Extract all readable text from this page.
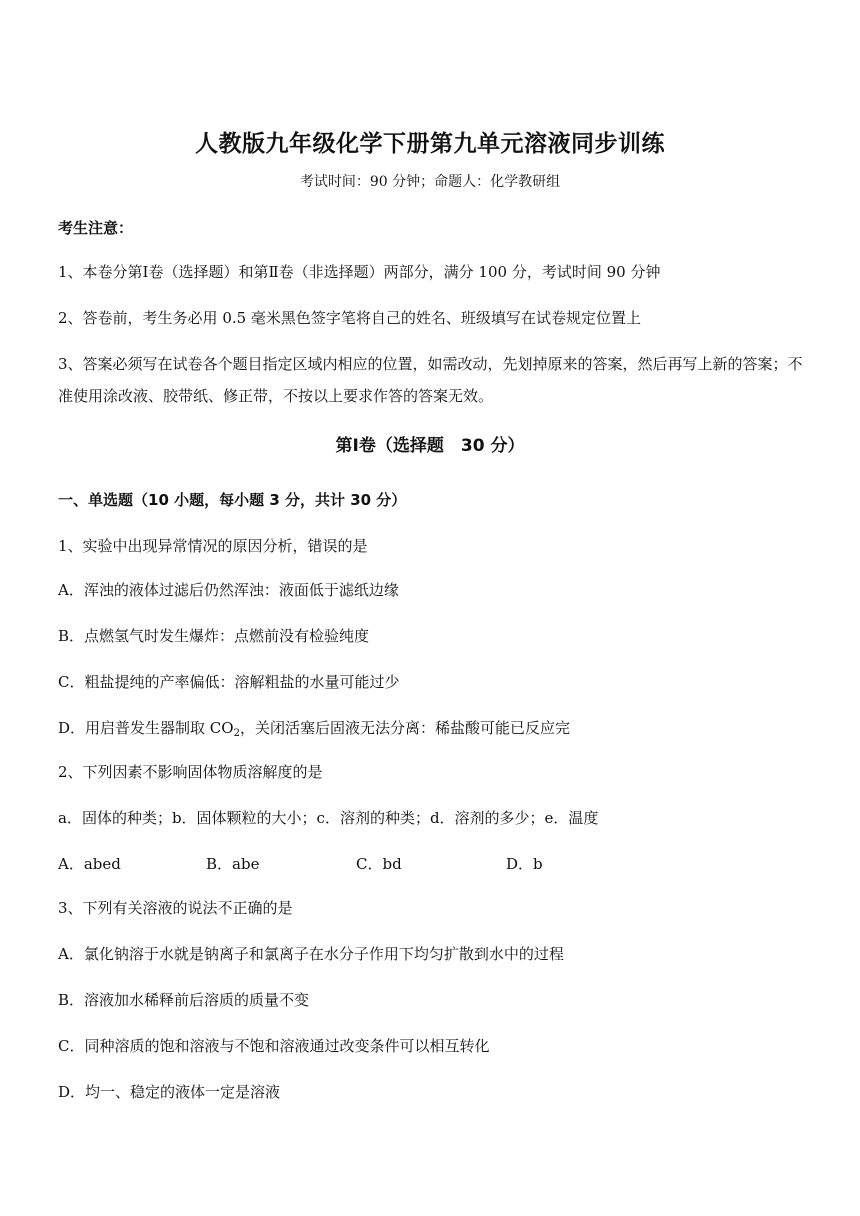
人教版九年级化学下册第九单元溶液同步训练
考试时间：90 分钟；命题人：化学教研组
考生注意：
1、本卷分第Ⅰ卷（选择题）和第Ⅱ卷（非选择题）两部分，满分 100 分，考试时间 90 分钟
2、答卷前，考生务必用 0.5 毫米黑色签字笔将自己的姓名、班级填写在试卷规定位置上
3、答案必须写在试卷各个题目指定区域内相应的位置，如需改动，先划掉原来的答案，然后再写上新的答案；不准使用涂改液、胶带纸、修正带，不按以上要求作答的答案无效。
第Ⅰ卷（选择题　30 分）
一、单选题（10 小题，每小题 3 分，共计 30 分）
1、实验中出现异常情况的原因分析，错误的是
A．浑浊的液体过滤后仍然浑浊：液面低于滤纸边缘
B．点燃氢气时发生爆炸：点燃前没有检验纯度
C．粗盐提纯的产率偏低：溶解粗盐的水量可能过少
D．用启普发生器制取 $CO_2$，关闭活塞后固液无法分离：稀盐酸可能已反应完
2、下列因素不影响固体物质溶解度的是
a．固体的种类；b．固体颗粒的大小；c．溶剂的种类；d．溶剂的多少；e．温度
A．abed	B．abe	C．bd	D．b
3、下列有关溶液的说法不正确的是
A．氯化钠溶于水就是钠离子和氯离子在水分子作用下均匀扩散到水中的过程
B．溶液加水稀释前后溶质的质量不变
C．同种溶质的饱和溶液与不饱和溶液通过改变条件可以相互转化
D．均一、稳定的液体一定是溶液
